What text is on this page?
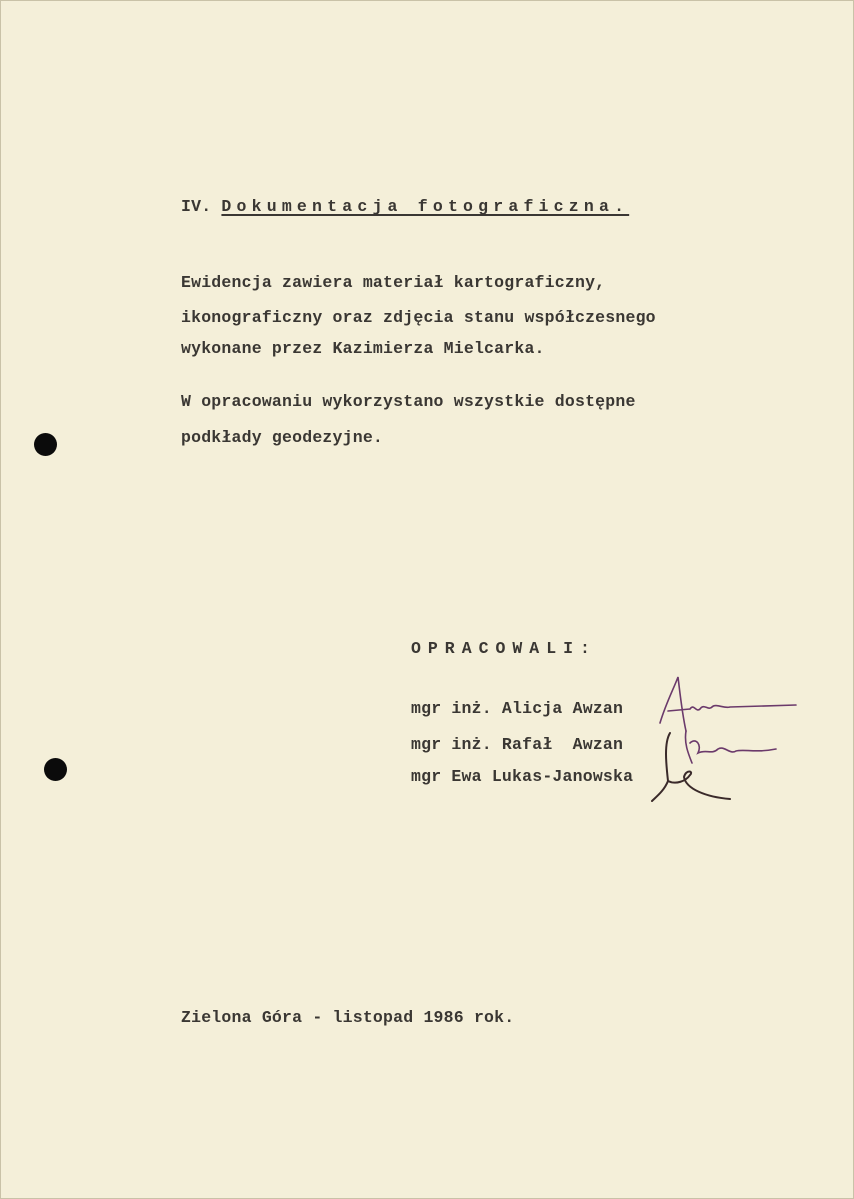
IV. Dokumentacja fotograficzna.
Ewidencja zawiera materiał kartograficzny,
ikonograficzny oraz zdjęcia stanu współczesnego
wykonane przez Kazimierza Mielcarka.
W opracowaniu wykorzystano wszystkie dostępne
podkłady geodezyjne.
OPRACOWALI:
mgr inż. Alicja Awzan
mgr inż. Rafał  Awzan
mgr Ewa Lukas-Janowska
Zielona Góra - listopad 1986 rok.
